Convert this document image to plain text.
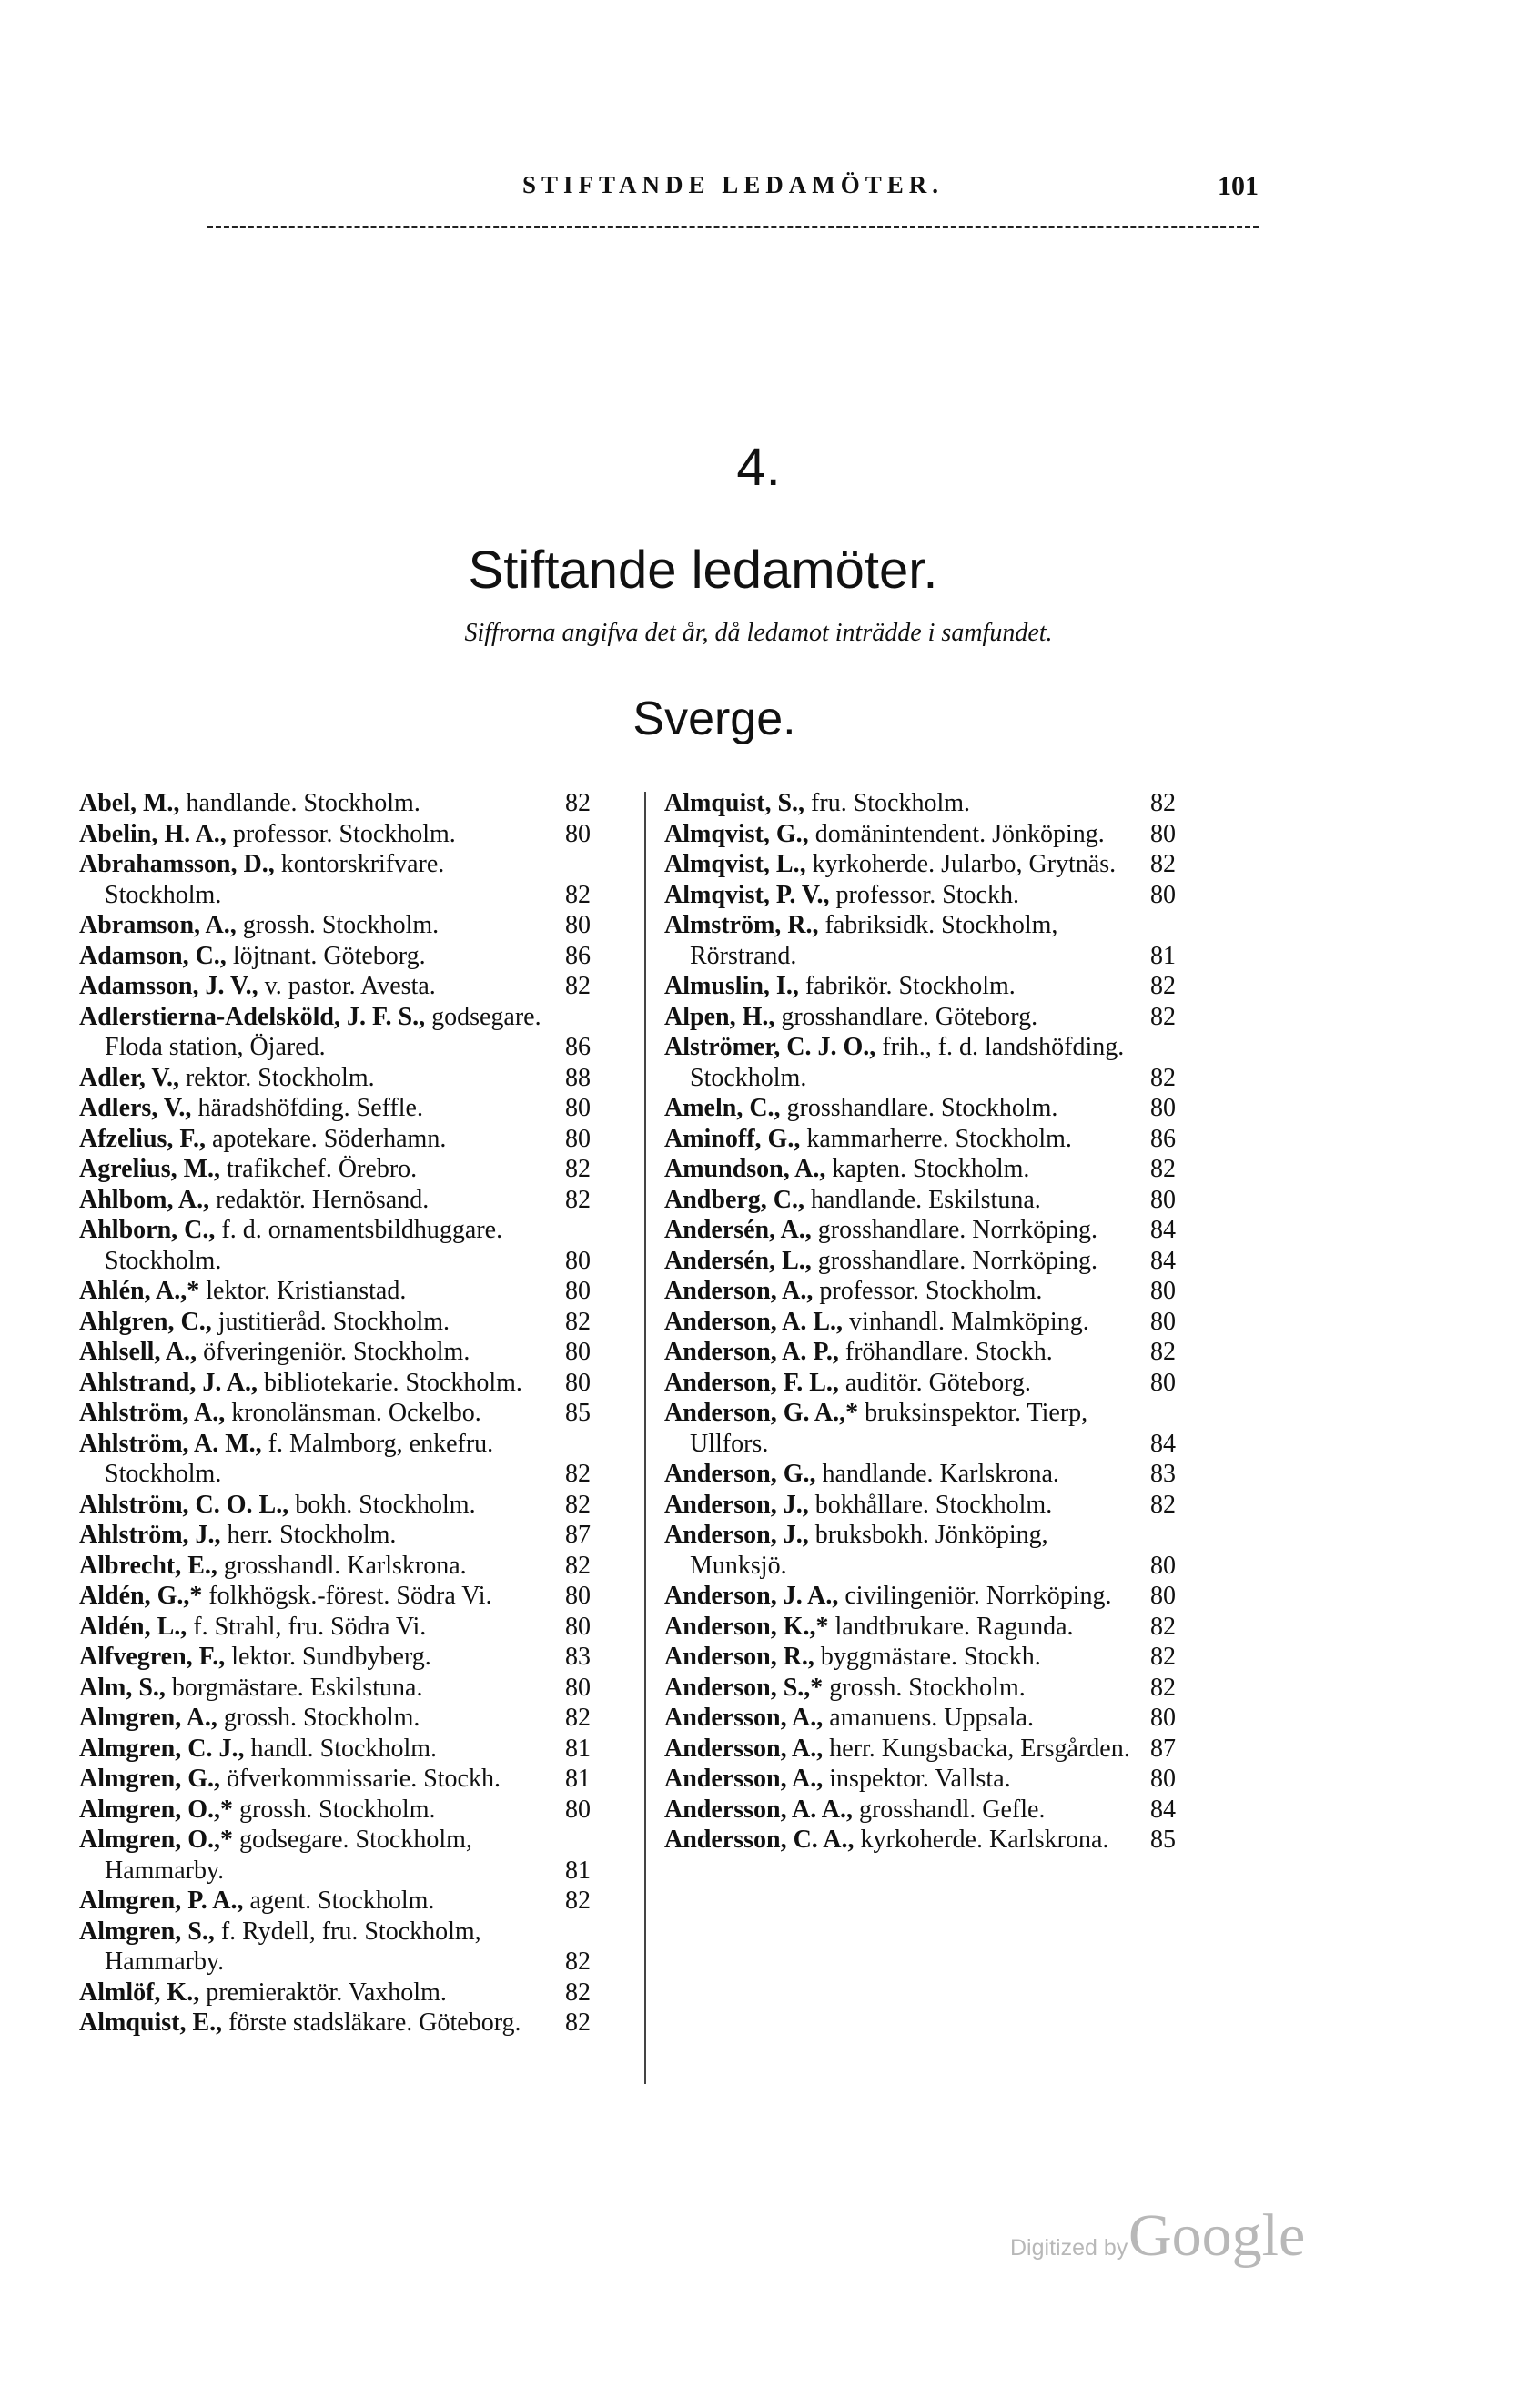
STIFTANDE LEDAMÖTER.	101
4.
Stiftande ledamöter.
Siffrorna angifva det år, då ledamot inträdde i samfundet.
Sverge.
Abel, M., handlande. Stockholm.	82
Abelin, H. A., professor. Stockholm.	80
Abrahamsson, D., kontorskrifvare. Stockholm.	82
Abramson, A., grossh. Stockholm.	80
Adamson, C., löjtnant. Göteborg.	86
Adamsson, J. V., v. pastor. Avesta.	82
Adlerstierna-Adelsköld, J. F. S., godsegare. Floda station, Öjared.	86
Adler, V., rektor. Stockholm.	88
Adlers, V., häradshöfding. Seffle.	80
Afzelius, F., apotekare. Söderhamn.	80
Agrelius, M., trafikchef. Örebro.	82
Ahlbom, A., redaktör. Hernösand.	82
Ahlborn, C., f. d. ornamentsbildhuggare. Stockholm.	80
Ahlén, A.,* lektor. Kristianstad.	80
Ahlgren, C., justitieråd. Stockholm.	82
Ahlsell, A., öfveringeniör. Stockholm.	80
Ahlstrand, J. A., bibliotekarie. Stockholm. 80
Ahlström, A., kronolänsman. Ockelbo.	85
Ahlström, A. M., f. Malmborg, enkefru. Stockholm.	82
Ahlström, C. O. L., bokh. Stockholm.	82
Ahlström, J., herr. Stockholm.	87
Albrecht, E., grosshandl. Karlskrona.	82
Aldén, G.,* folkhögsk.-förest. Södra Vi.	80
Aldén, L., f. Strahl, fru. Södra Vi.	80
Alfvegren, F., lektor. Sundbyberg.	83
Alm, S., borgmästare. Eskilstuna.	80
Almgren, A., grossh. Stockholm.	82
Almgren, C. J., handl. Stockholm.	81
Almgren, G., öfverkommissarie. Stockh.	81
Almgren, O.,* grossh. Stockholm.	80
Almgren, O.,* godsegare. Stockholm, Hammarby.	81
Almgren, P. A., agent. Stockholm.	82
Almgren, S., f. Rydell, fru. Stockholm, Hammarby.	82
Almlöf, K., premieraktör. Vaxholm.	82
Almquist, E., förste stadsläkare. Göteborg. 82
Almquist, S., fru. Stockholm.	82
Almqvist, G., domänintendent. Jönköping. 80
Almqvist, L., kyrkoherde. Jularbo, Grytnäs. 82
Almqvist, P. V., professor. Stockh.	80
Almström, R., fabriksidk. Stockholm, Rörstrand.	81
Almuslin, I., fabrikör. Stockholm.	82
Alpen, H., grosshandlare. Göteborg.	82
Alströmer, C. J. O., frih., f. d. landshöfding. Stockholm.	82
Ameln, C., grosshandlare. Stockholm.	80
Aminoff, G., kammarherre. Stockholm.	86
Amundson, A., kapten. Stockholm.	82
Andberg, C., handlande. Eskilstuna.	80
Andersén, A., grosshandlare. Norrköping. 84
Andersén, L., grosshandlare. Norrköping. 84
Anderson, A., professor. Stockholm.	80
Anderson, A. L., vinhandl. Malmköping. 80
Anderson, A. P., fröhandlare. Stockh.	82
Anderson, F. L., auditör. Göteborg.	80
Anderson, G. A.,* bruksinspektor. Tierp, Ullfors.	84
Anderson, G., handlande. Karlskrona.	83
Anderson, J., bokhållare. Stockholm.	82
Anderson, J., bruksbokh. Jönköping, Munksjö.	80
Anderson, J. A., civilingeniör. Norrköping. 80
Anderson, K.,* landtbrukare. Ragunda.	82
Anderson, R., byggmästare. Stockh.	82
Anderson, S.,* grossh. Stockholm.	82
Andersson, A., amanuens. Uppsala.	80
Andersson, A., herr. Kungsbacka, Ersgården. 87
Andersson, A., inspektor. Vallsta.	80
Andersson, A. A., grosshandl. Gefle.	84
Andersson, C. A., kyrkoherde. Karlskrona. 85
Digitized by Google
